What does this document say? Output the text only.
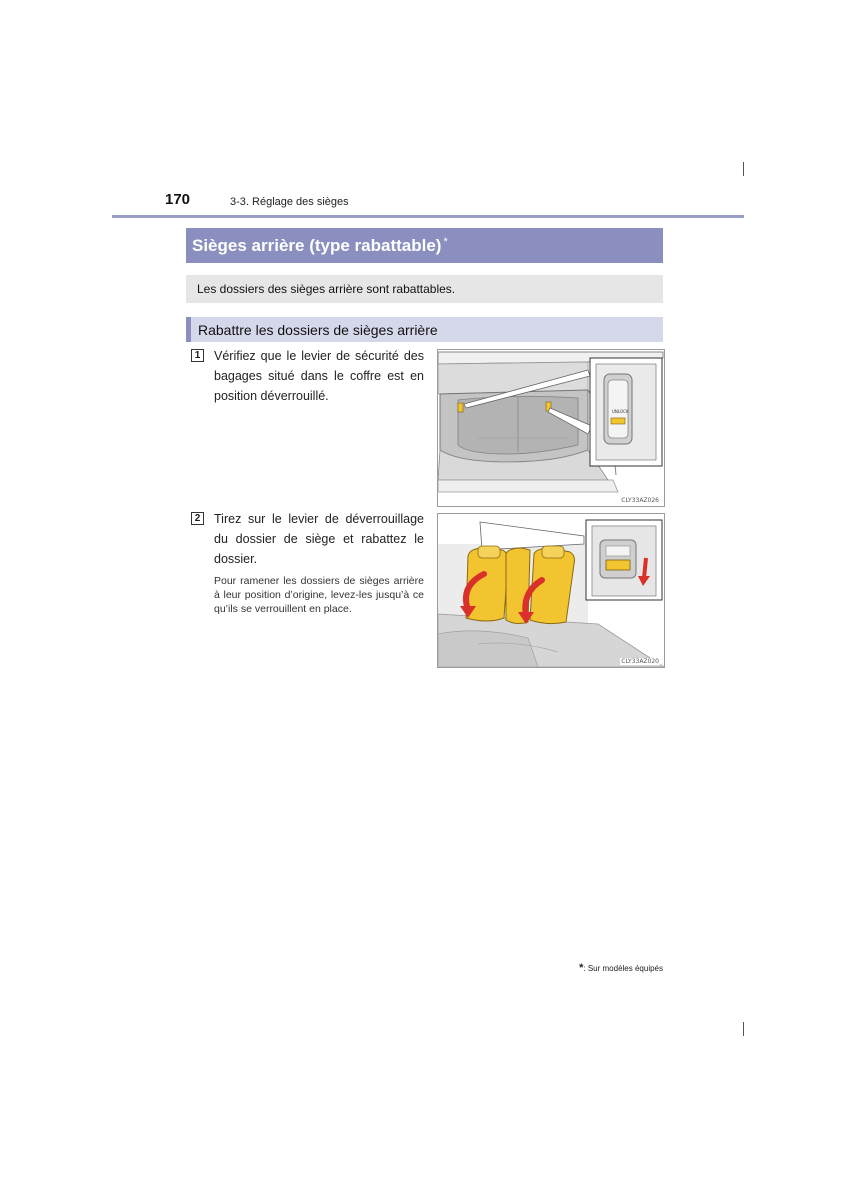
170	3-3. Réglage des sièges
Sièges arrière (type rabattable)*
Les dossiers des sièges arrière sont rabattables.
Rabattre les dossiers de sièges arrière
1 Vérifiez que le levier de sécurité des bagages situé dans le coffre est en position déverrouillé.
UNLOCK
CLY33AZ026
2 Tirez sur le levier de déverrouillage du dossier de siège et rabattez le dossier.
Pour ramener les dossiers de sièges arrière à leur position d’origine, levez-les jusqu’à ce qu’ils se verrouillent en place.
CLY33AZ020
*: Sur modèles équipés
